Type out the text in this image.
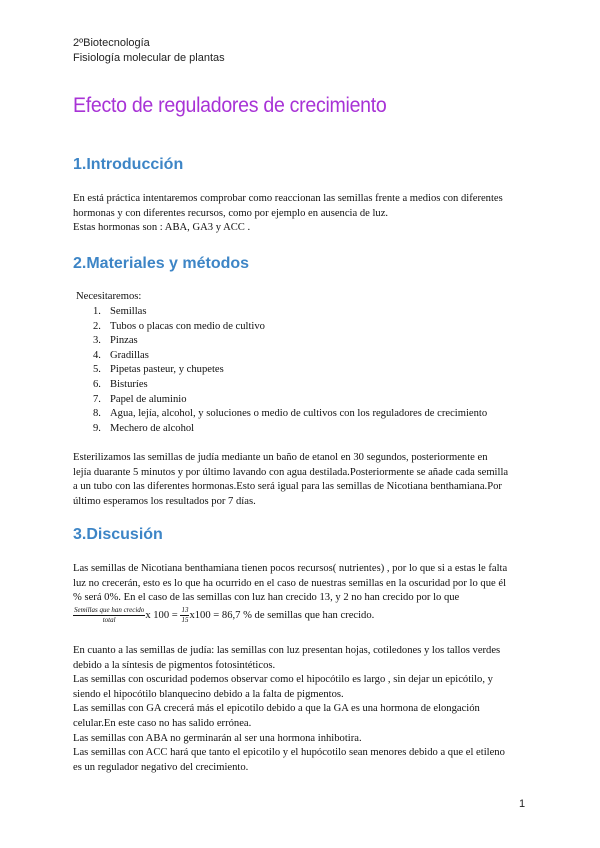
2ºBiotecnología
Fisiología molecular de plantas
Efecto de reguladores de crecimiento
1.Introducción
En está práctica intentaremos comprobar como reaccionan las semillas frente a medios con diferentes
hormonas y con diferentes recursos, como por ejemplo en ausencia de luz.
Estas hormonas son : ABA, GA3 y ACC .
2.Materiales y métodos
Necesitaremos:
1. Semillas
2. Tubos o placas con medio de cultivo
3. Pinzas
4. Gradillas
5. Pipetas pasteur, y chupetes
6. Bisturíes
7. Papel de aluminio
8. Agua, lejía, alcohol, y soluciones o medio de cultivos con los reguladores de crecimiento
9. Mechero de alcohol
Esterilizamos las semillas de judía mediante un baño de etanol en 30 segundos, posteriormente en
lejía duarante 5 minutos y por último lavando con agua destilada.Posteriormente se añade cada semilla
a un tubo con las diferentes hormonas.Esto será igual para las semillas de Nicotiana benthamiana.Por
último esperamos los resultados por 7 días.
3.Discusión
Las semillas de Nicotiana benthamiana tienen pocos recursos( nutrientes) , por lo que si a estas le falta
luz no crecerán, esto es lo que ha ocurrido en el caso de nuestras semillas en la oscuridad por lo que él
% será 0%. En el caso de las semillas con luz han crecido 13, y 2 no han crecido por lo que
$\frac{\text{Semillas que han crecido}}{\text{total}}$ x $100 = \frac{13}{15} x100 = 86,7$ % de semillas que han crecido.
En cuanto a las semillas de judía: las semillas con luz presentan hojas, cotiledones y los tallos verdes
debido a la síntesis de pigmentos fotosintéticos.
Las semillas con oscuridad podemos observar como el hipocótilo es largo , sin dejar un epicótilo, y
siendo el hipocótilo blanquecino debido a la falta de pigmentos.
Las semillas con GA crecerá más el epicotilo debido a que la GA es una hormona de elongación
celular.En este caso no has salido errónea.
Las semillas con ABA no germinarán al ser una hormona inhibotira.
Las semillas con ACC hará que tanto el epicotilo y el hupócotilo sean menores debido a que el etileno
es un regulador negativo del crecimiento.
1
